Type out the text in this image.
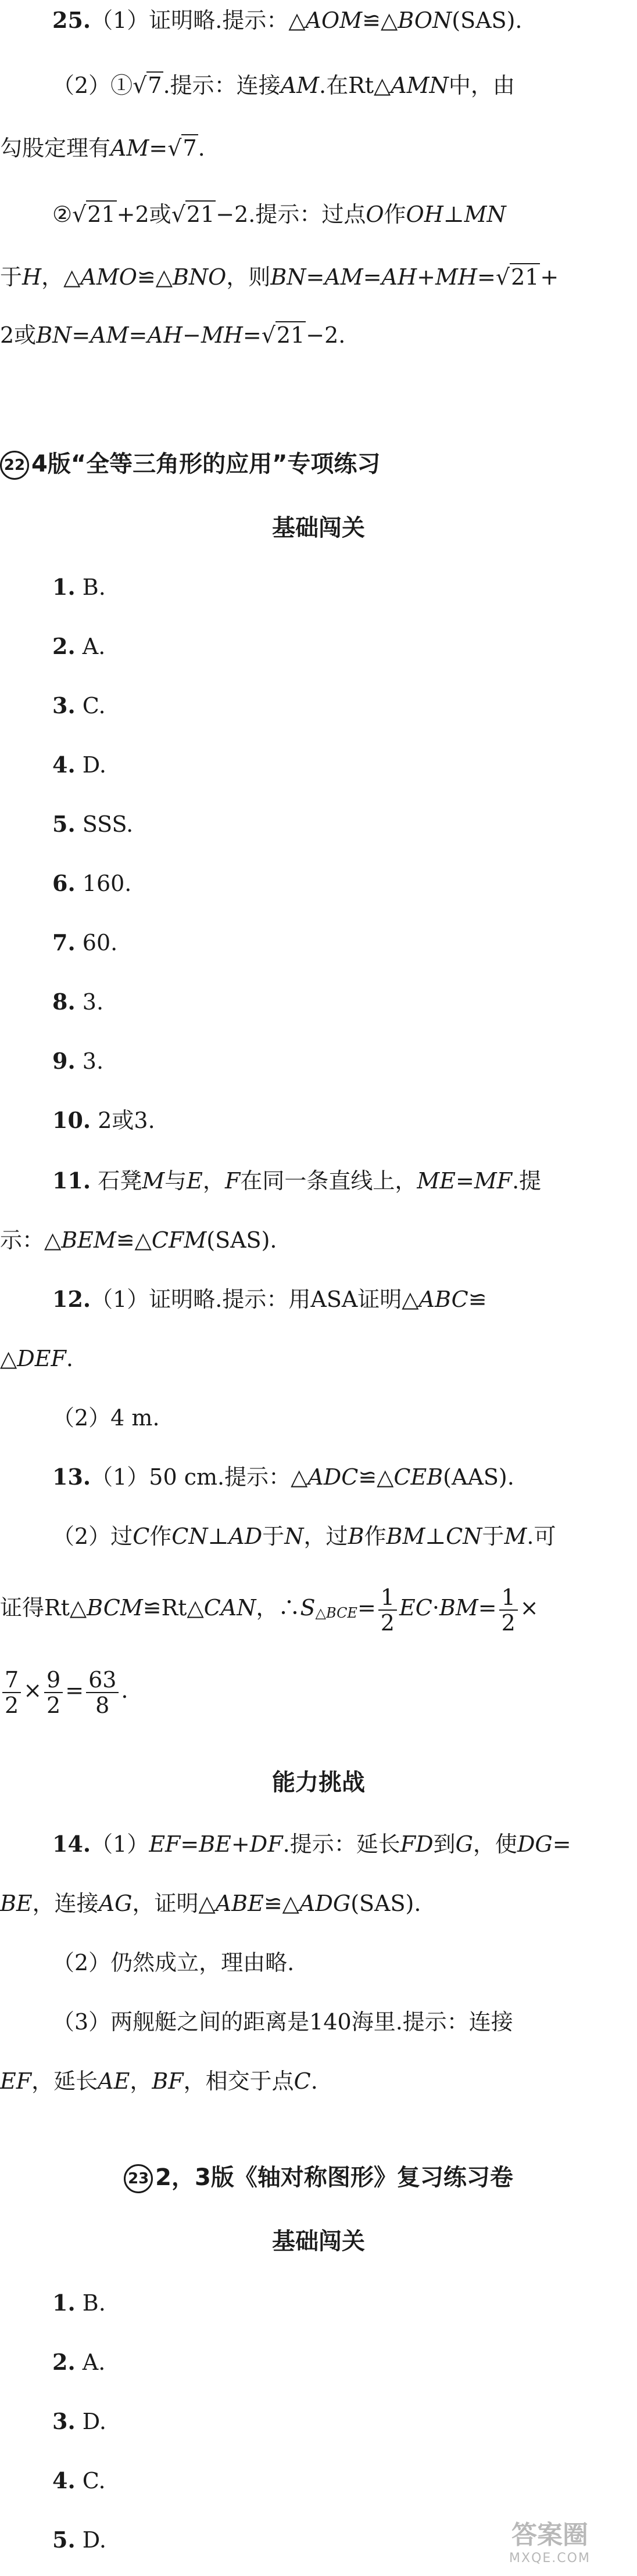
25.（1）证明略.提示：△AOM≌△BON(SAS).

（2）①√7.提示：连接AM.在Rt△AMN中，由

勾股定理有AM=√7.

②√21+2或√21−2.提示：过点O作OH⊥MN

于H，△AMO≌△BNO，则BN=AM=AH+MH=√21+

2或BN=AM=AH−MH=√21−2.

22 4版“全等三角形的应用”专项练习

基础闯关

1. B.

2. A.

3. C.

4. D.

5. SSS.

6. 160.

7. 60.

8. 3.

9. 3.

10. 2或3.

11. 石凳M与E，F在同一条直线上，ME=MF.提

示：△BEM≌△CFM(SAS).

12.（1）证明略.提示：用ASA证明△ABC≌

△DEF.

（2）4 m.

13.（1）50 cm.提示：△ADC≌△CEB(AAS).

（2）过C作CN⊥AD于N，过B作BM⊥CN于M.可

证得Rt△BCM≌Rt△CAN，∴S△BCE= $\frac{1}{2} EC\cdot BM= \frac{1}{2}$ ×

$\frac{7}{2} \times \frac{9}{2} = \frac{63}{8}$ .

能力挑战

14.（1）EF=BE+DF.提示：延长FD到G，使DG=

BE，连接AG，证明△ABE≌△ADG(SAS).

（2）仍然成立，理由略.

（3）两舰艇之间的距离是140海里.提示：连接

EF，延长AE，BF，相交于点C.

23 2，3版《轴对称图形》复习练习卷

基础闯关

1. B.

2. A.

3. D.

4. C.

5. D.	答案圈
MXQE.COM
